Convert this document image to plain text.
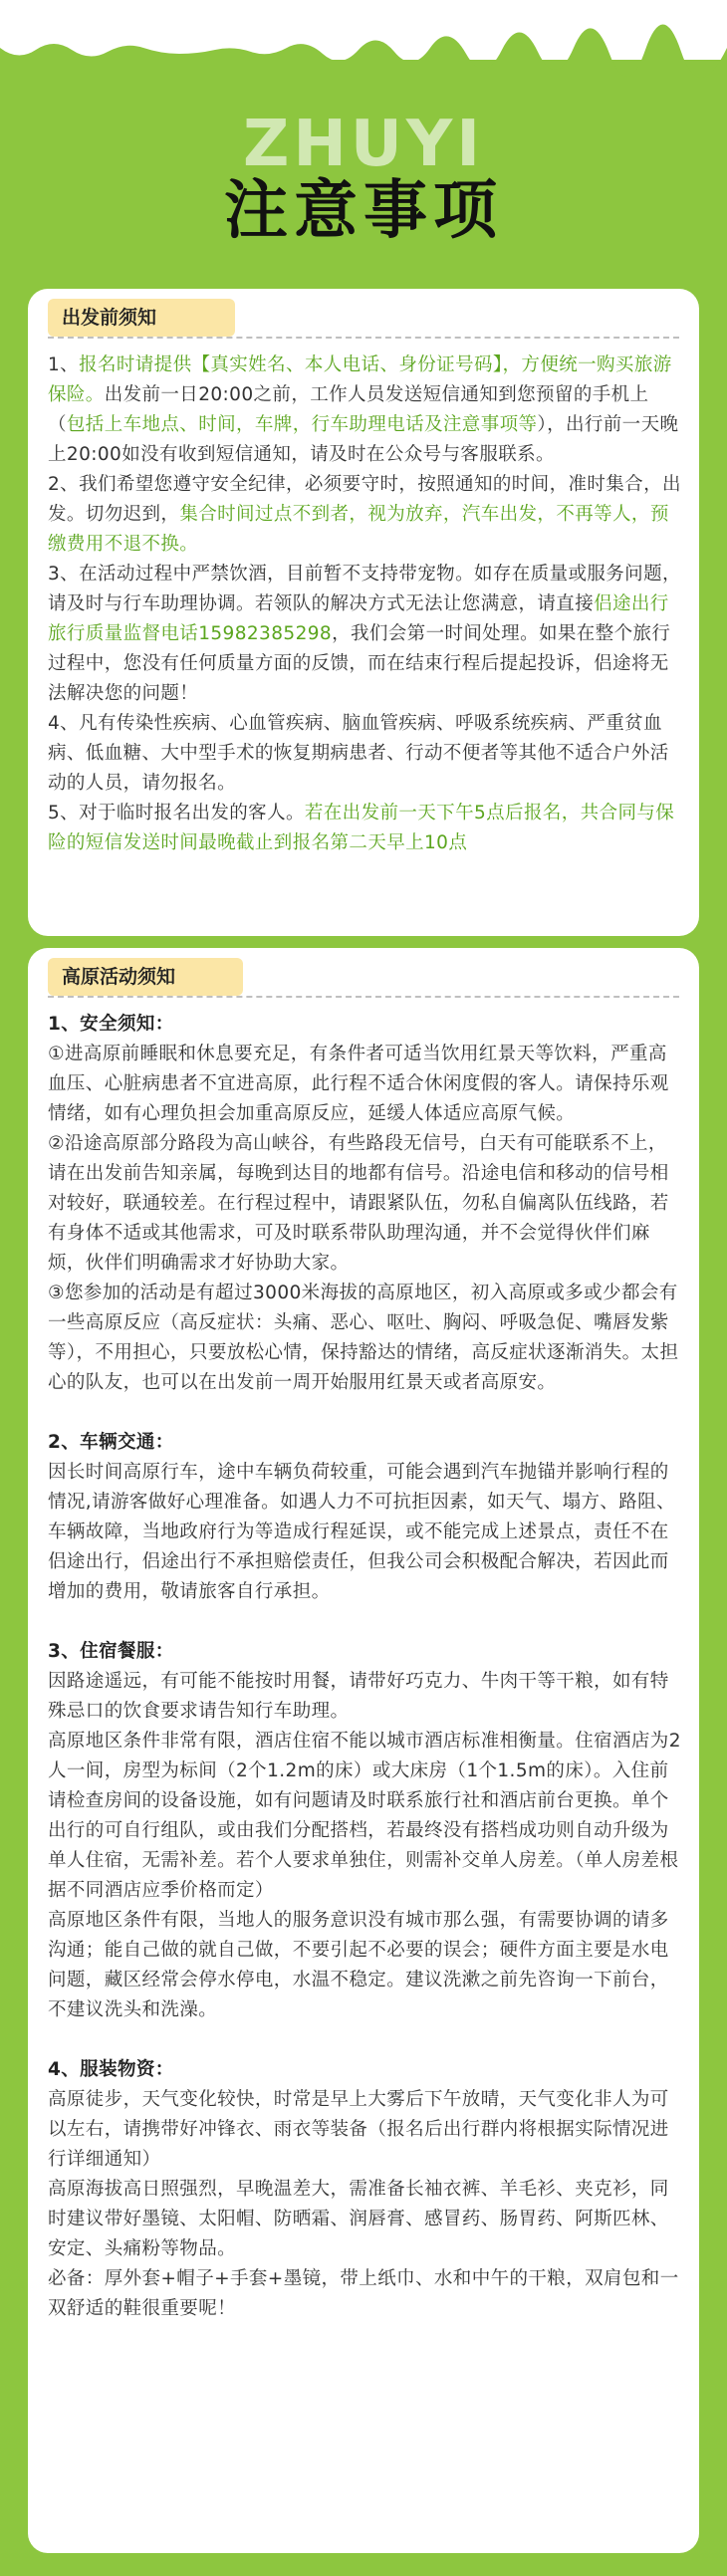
ZHUYI
注意事项
出发前须知

1、报名时请提供【真实姓名、本人电话、身份证号码】，方便统一购买旅游保险。出发前一日20:00之前，工作人员发送短信通知到您预留的手机上（包括上车地点、时间，车牌，行车助理电话及注意事项等），出行前一天晚上20:00如没有收到短信通知，请及时在公众号与客服联系。

2、我们希望您遵守安全纪律，必须要守时，按照通知的时间，准时集合，出发。切勿迟到，集合时间过点不到者，视为放弃，汽车出发，不再等人，预缴费用不退不换。

3、在活动过程中严禁饮酒，目前暂不支持带宠物。如存在质量或服务问题，请及时与行车助理协调。若领队的解决方式无法让您满意，请直接侣途出行旅行质量监督电话15982385298，我们会第一时间处理。如果在整个旅行过程中，您没有任何质量方面的反馈，而在结束行程后提起投诉，侣途将无法解决您的问题！

4、凡有传染性疾病、心血管疾病、脑血管疾病、呼吸系统疾病、严重贫血病、低血糖、大中型手术的恢复期病患者、行动不便者等其他不适合户外活动的人员，请勿报名。

5、对于临时报名出发的客人。若在出发前一天下午5点后报名，共合同与保险的短信发送时间最晚截止到报名第二天早上10点

高原活动须知

1、安全须知：

①进高原前睡眠和休息要充足，有条件者可适当饮用红景天等饮料，严重高血压、心脏病患者不宜进高原，此行程不适合休闲度假的客人。请保持乐观情绪，如有心理负担会加重高原反应，延缓人体适应高原气候。

②沿途高原部分路段为高山峡谷，有些路段无信号，白天有可能联系不上，请在出发前告知亲属，每晚到达目的地都有信号。沿途电信和移动的信号相对较好，联通较差。在行程过程中，请跟紧队伍，勿私自偏离队伍线路，若有身体不适或其他需求，可及时联系带队助理沟通，并不会觉得伙伴们麻烦，伙伴们明确需求才好协助大家。

③您参加的活动是有超过3000米海拔的高原地区，初入高原或多或少都会有一些高原反应（高反症状：头痛、恶心、呕吐、胸闷、呼吸急促、嘴唇发紫等），不用担心，只要放松心情，保持豁达的情绪，高反症状逐渐消失。太担心的队友，也可以在出发前一周开始服用红景天或者高原安。

2、车辆交通：

因长时间高原行车，途中车辆负荷较重，可能会遇到汽车抛锚并影响行程的情况,请游客做好心理准备。如遇人力不可抗拒因素，如天气、塌方、路阻、车辆故障，当地政府行为等造成行程延误，或不能完成上述景点，责任不在侣途出行，侣途出行不承担赔偿责任，但我公司会积极配合解决，若因此而增加的费用，敬请旅客自行承担。

3、住宿餐服：

因路途遥远，有可能不能按时用餐，请带好巧克力、牛肉干等干粮，如有特殊忌口的饮食要求请告知行车助理。

高原地区条件非常有限，酒店住宿不能以城市酒店标准相衡量。住宿酒店为2人一间，房型为标间（2个1.2m的床）或大床房（1个1.5m的床）。入住前请检查房间的设备设施，如有问题请及时联系旅行社和酒店前台更换。单个出行的可自行组队，或由我们分配搭档，若最终没有搭档成功则自动升级为单人住宿，无需补差。若个人要求单独住，则需补交单人房差。（单人房差根据不同酒店应季价格而定）

高原地区条件有限，当地人的服务意识没有城市那么强，有需要协调的请多沟通；能自己做的就自己做，不要引起不必要的误会；硬件方面主要是水电问题，藏区经常会停水停电，水温不稳定。建议洗漱之前先咨询一下前台，不建议洗头和洗澡。

4、服装物资：

高原徒步，天气变化较快，时常是早上大雾后下午放晴，天气变化非人为可以左右，请携带好冲锋衣、雨衣等装备（报名后出行群内将根据实际情况进行详细通知）

高原海拔高日照强烈，早晚温差大，需准备长袖衣裤、羊毛衫、夹克衫，同时建议带好墨镜、太阳帽、防晒霜、润唇膏、感冒药、肠胃药、阿斯匹林、安定、头痛粉等物品。

必备：厚外套+帽子+手套+墨镜，带上纸巾、水和中午的干粮，双肩包和一双舒适的鞋很重要呢！
